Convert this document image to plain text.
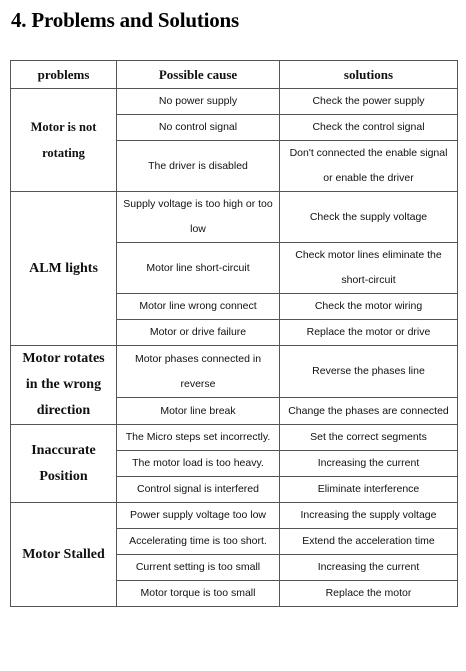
4. Problems and Solutions
problems	Possible cause	solutions
Motor is not rotating	No power supply	Check the power supply
	No control signal	Check the control signal
	The driver is disabled	Don't connected the enable signal or enable the driver
ALM lights	Supply voltage is too high or too low	Check the supply voltage
	Motor line short-circuit	Check motor lines eliminate the short-circuit
	Motor line wrong connect	Check the motor wiring
	Motor or drive failure	Replace the motor or drive
Motor rotates in the wrong direction	Motor phases connected in reverse	Reverse the phases line
	Motor line break	Change the phases are connected
Inaccurate Position	The Micro steps set incorrectly.	Set the correct segments
	The motor load is too heavy.	Increasing the current
	Control signal is interfered	Eliminate interference
Motor Stalled	Power supply voltage too low	Increasing the supply voltage
	Accelerating time is too short.	Extend the acceleration time
	Current setting is too small	Increasing the current
	Motor torque is too small	Replace the motor
